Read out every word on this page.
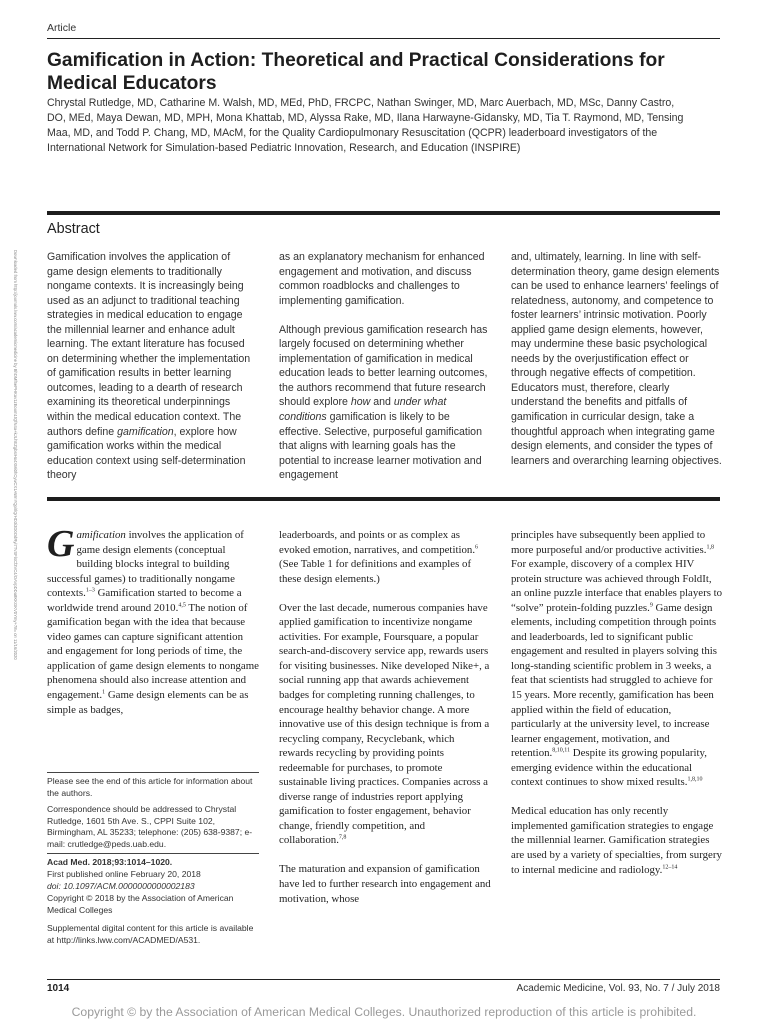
Article
Gamification in Action: Theoretical and Practical Considerations for Medical Educators

Chrystal Rutledge, MD, Catharine M. Walsh, MD, MEd, PhD, FRCPC, Nathan Swinger, MD, Marc Auerbach, MD, MSc, Danny Castro, DO, MEd, Maya Dewan, MD, MPH, Mona Khattab, MD, Alyssa Rake, MD, Ilana Harwayne-Gidansky, MD, Tia T. Raymond, MD, Tensing Maa, MD, and Todd P. Chang, MD, MAcM, for the Quality Cardiopulmonary Resuscitation (QCPR) leaderboard investigators of the International Network for Simulation-based Pediatric Innovation, Research, and Education (INSPIRE)

Abstract
Downloaded from http://journals.lww.com/academicmedicine by BhDMf5ePHKav1zEoum1tQfN4a+kJLhEZgbsIHo4XMi0hCywCX1AWnYQp/IlQrHD3i3D0OdRyi7TvSFl4Cf3VC4/OAVpDDa8KKGKV0Ymy+78= on 11/16/2020	Gamification involves the application of game design elements to traditionally nongame contexts. It is increasingly being used as an adjunct to traditional teaching strategies in medical education to engage the millennial learner and enhance adult learning. The extant literature has focused on determining whether the implementation of gamification results in better learning outcomes, leading to a dearth of research examining its theoretical underpinnings within the medical education context. The authors define gamification, explore how gamification works within the medical education context using self-determination theory

as an explanatory mechanism for enhanced engagement and motivation, and discuss common roadblocks and challenges to implementing gamification.

Although previous gamification research has largely focused on determining whether implementation of gamification in medical education leads to better learning outcomes, the authors recommend that future research should explore how and under what conditions gamification is likely to be effective. Selective, purposeful gamification that aligns with learning goals has the potential to increase learner motivation and engagement

and, ultimately, learning. In line with self-determination theory, game design elements can be used to enhance learners’ feelings of relatedness, autonomy, and competence to foster learners’ intrinsic motivation. Poorly applied game design elements, however, may undermine these basic psychological needs by the overjustification effect or through negative effects of competition. Educators must, therefore, clearly understand the benefits and pitfalls of gamification in curricular design, take a thoughtful approach when integrating game design elements, and consider the types of learners and overarching learning objectives.

Gamification involves the application of game design elements (conceptual building blocks integral to building successful games) to traditionally nongame contexts.$^{1-3}$ Gamification started to become a worldwide trend around 2010.$^{4,5}$ The notion of gamification began with the idea that because video games can capture significant attention and engagement for long periods of time, the application of game design elements to nongame phenomena should also increase attention and engagement.$^1$ Game design elements can be as simple as badges,

Please see the end of this article for information about the authors.

Correspondence should be addressed to Chrystal Rutledge, 1601 5th Ave. S., CPPI Suite 102, Birmingham, AL 35233; telephone: (205) 638-9387; e-mail: crutledge@peds.uab.edu.

Acad Med. 2018;93:1014–1020.

First published online February 20, 2018

doi: 10.1097/ACM.0000000000002183

Copyright © 2018 by the Association of American Medical Colleges

Supplemental digital content for this article is available at http://links.lww.com/ACADMED/A531.

leaderboards, and points or as complex as evoked emotion, narratives, and competition.$^6$ (See Table 1 for definitions and examples of these design elements.)

Over the last decade, numerous companies have applied gamification to incentivize nongame activities. For example, Foursquare, a popular search-and-discovery service app, rewards users for visiting businesses. Nike developed Nike+, a social running app that awards achievement badges for completing running challenges, to encourage healthy behavior change. A more innovative use of this design technique is from a recycling company, Recyclebank, which rewards recycling by providing points redeemable for purchases, to promote sustainable living practices. Companies across a diverse range of industries report applying gamification to foster engagement, behavior change, friendly competition, and collaboration.$^{7,8}$

The maturation and expansion of gamification have led to further research into engagement and motivation, whose

principles have subsequently been applied to more purposeful and/or productive activities.$^{1,8}$ For example, discovery of a complex HIV protein structure was achieved through FoldIt, an online puzzle interface that enables players to “solve” protein-folding puzzles.$^9$ Game design elements, including competition through points and leaderboards, led to significant public engagement and resulted in players solving this long-standing scientific problem in 3 weeks, a feat that scientists had struggled to achieve for 15 years. More recently, gamification has been applied within the field of education, particularly at the university level, to increase learner engagement, motivation, and retention.$^{8,10,11}$ Despite its growing popularity, emerging evidence within the educational context continues to show mixed results.$^{1,8,10}$

Medical education has only recently implemented gamification strategies to engage the millennial learner. Gamification strategies are used by a variety of specialties, from surgery to internal medicine and radiology.$^{12-14}$

1014	Academic Medicine, Vol. 93, No. 7 / July 2018
Copyright © by the Association of American Medical Colleges. Unauthorized reproduction of this article is prohibited.
